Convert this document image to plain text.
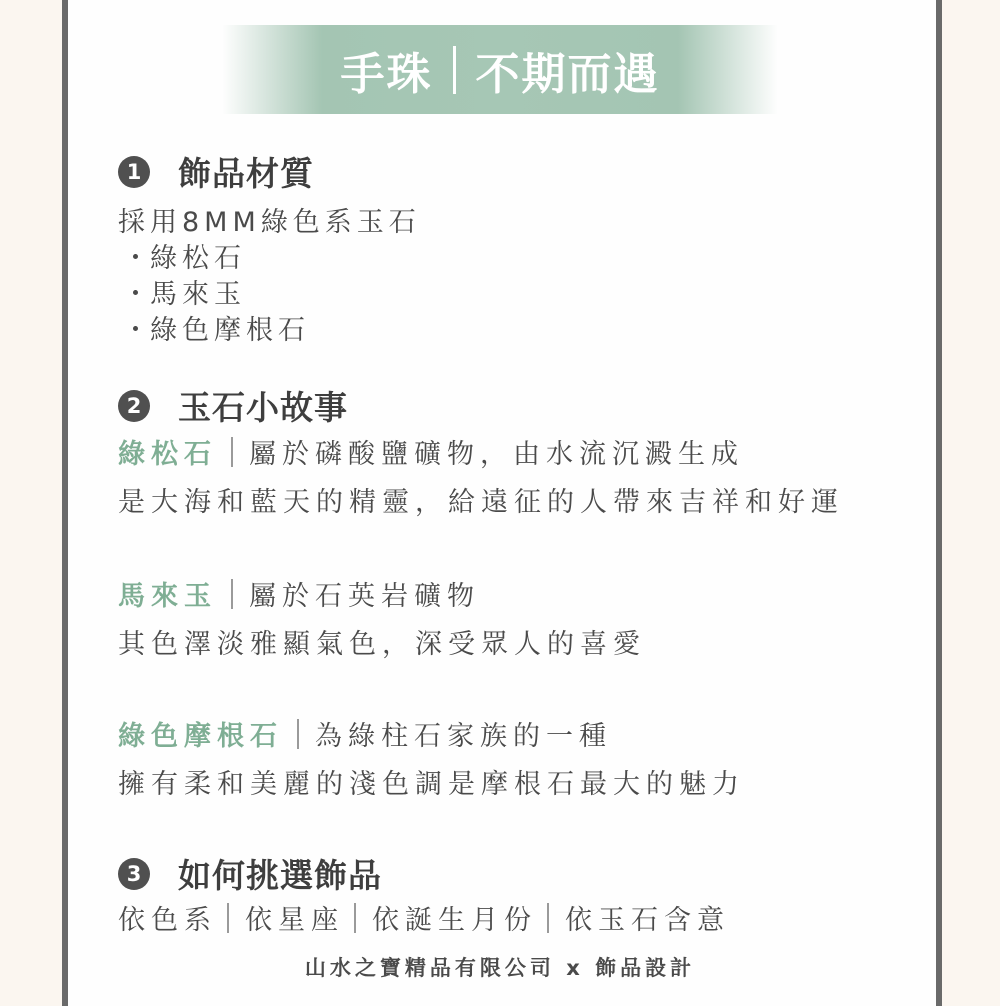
手珠 不期而遇
1 飾品材質
採用8MM綠色系玉石
・綠松石
・馬來玉
・綠色摩根石
2 玉石小故事
綠松石 屬於磷酸鹽礦物，由水流沉澱生成
是大海和藍天的精靈，給遠征的人帶來吉祥和好運
馬來玉 屬於石英岩礦物
其色澤淡雅顯氣色，深受眾人的喜愛
綠色摩根石 為綠柱石家族的一種
擁有柔和美麗的淺色調是摩根石最大的魅力
3 如何挑選飾品
依色系 依星座 依誕生月份 依玉石含意
山水之寶精品有限公司 x 飾品設計
